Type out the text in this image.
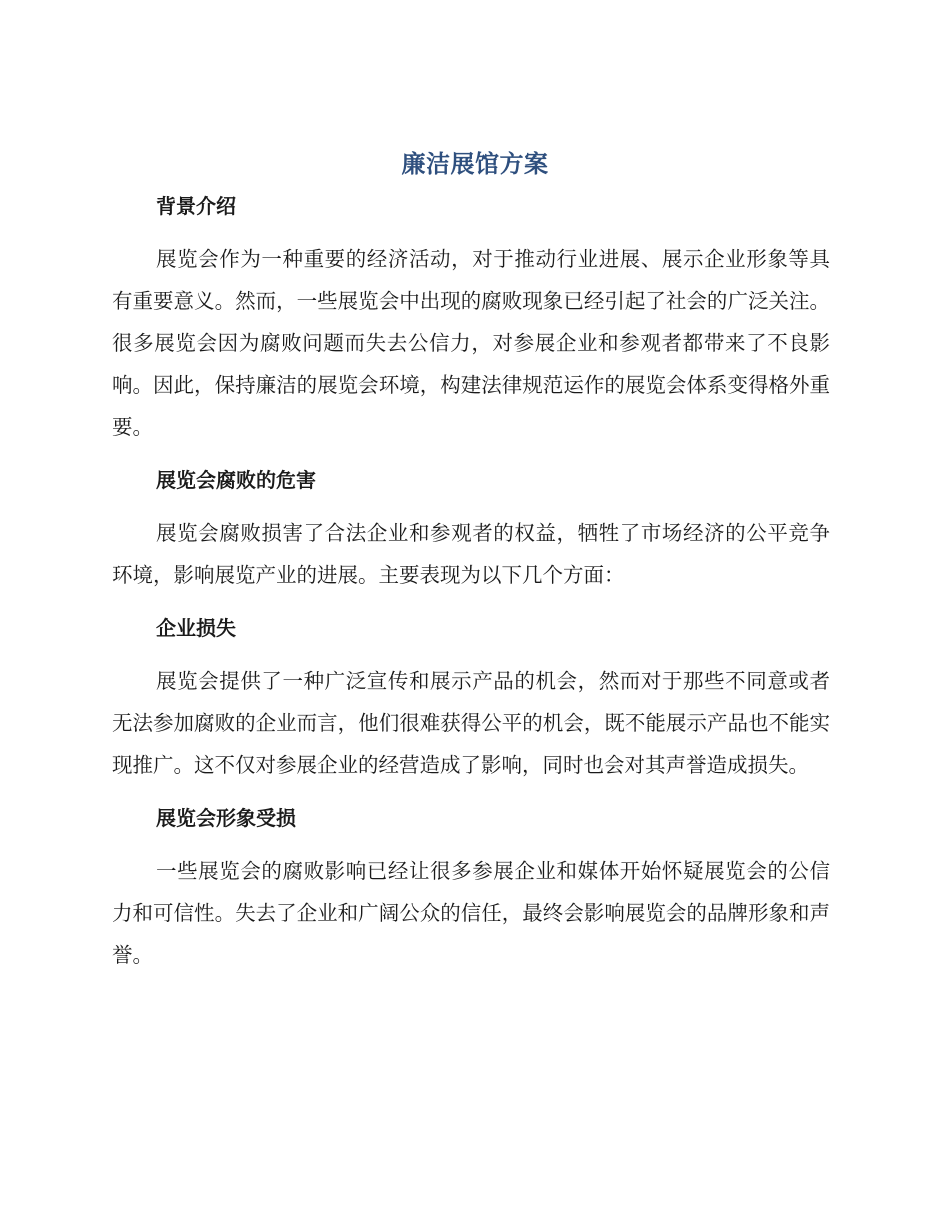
廉洁展馆方案
背景介绍

展览会作为一种重要的经济活动，对于推动行业进展、展示企业形象等具有重要意义。然而，一些展览会中出现的腐败现象已经引起了社会的广泛关注。很多展览会因为腐败问题而失去公信力，对参展企业和参观者都带来了不良影响。因此，保持廉洁的展览会环境，构建法律规范运作的展览会体系变得格外重要。

展览会腐败的危害

展览会腐败损害了合法企业和参观者的权益，牺牲了市场经济的公平竞争环境，影响展览产业的进展。主要表现为以下几个方面：

企业损失

展览会提供了一种广泛宣传和展示产品的机会，然而对于那些不同意或者无法参加腐败的企业而言，他们很难获得公平的机会，既不能展示产品也不能实现推广。这不仅对参展企业的经营造成了影响，同时也会对其声誉造成损失。

展览会形象受损

一些展览会的腐败影响已经让很多参展企业和媒体开始怀疑展览会的公信力和可信性。失去了企业和广阔公众的信任，最终会影响展览会的品牌形象和声誉。
